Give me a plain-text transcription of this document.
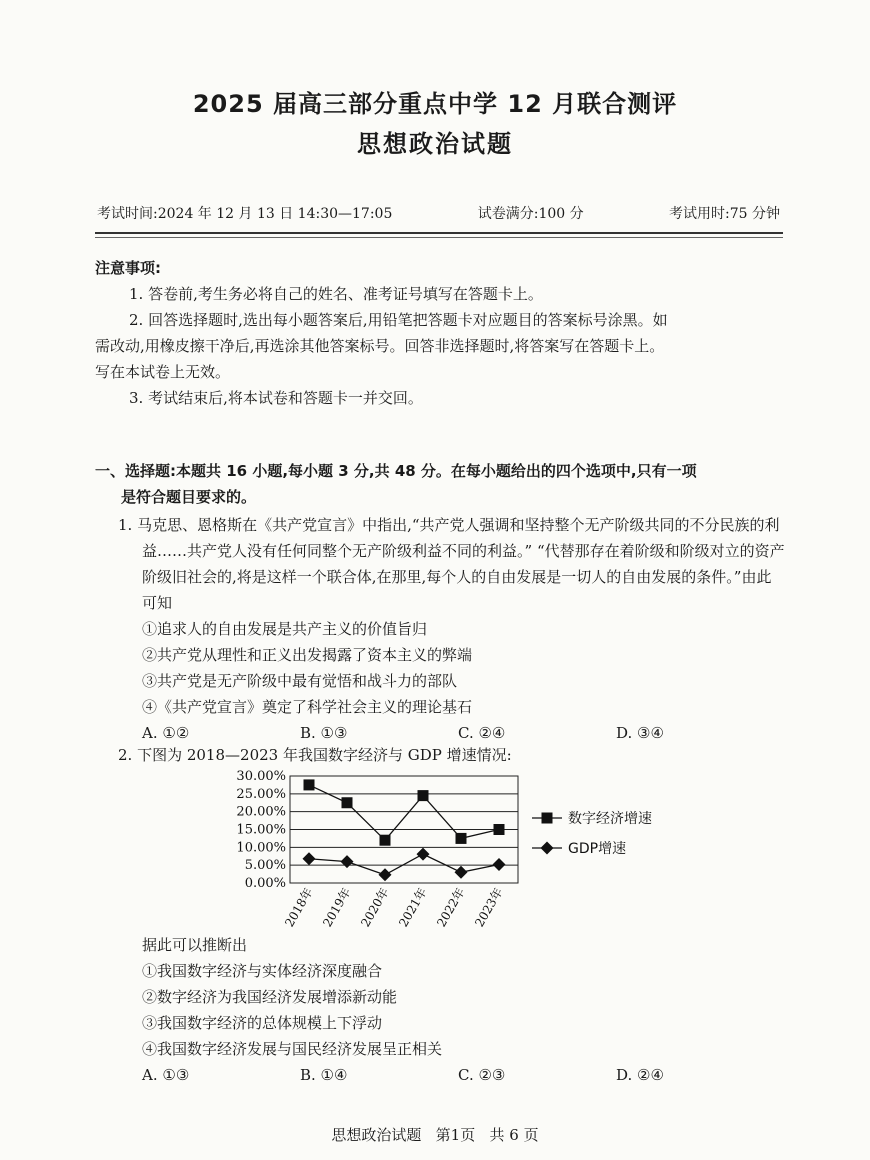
2025 届高三部分重点中学 12 月联合测评
思想政治试题
考试时间:2024 年 12 月 13 日 14:30—17:05	试卷满分:100 分	考试用时:75 分钟

注意事项:

1. 答卷前,考生务必将自己的姓名、准考证号填写在答题卡上。

2. 回答选择题时,选出每小题答案后,用铅笔把答题卡对应题目的答案标号涂黑。如

需改动,用橡皮擦干净后,再选涂其他答案标号。回答非选择题时,将答案写在答题卡上。

写在本试卷上无效。

3. 考试结束后,将本试卷和答题卡一并交回。

一、选择题:本题共 16 小题,每小题 3 分,共 48 分。在每小题给出的四个选项中,只有一项
是符合题目要求的。

1. 马克思、恩格斯在《共产党宣言》中指出,“共产党人强调和坚持整个无产阶级共同的不分民族的利益……共产党人没有任何同整个无产阶级利益不同的利益。” “代替那存在着阶级和阶级对立的资产阶级旧社会的,将是这样一个联合体,在那里,每个人的自由发展是一切人的自由发展的条件。”由此可知

①追求人的自由发展是共产主义的价值旨归

②共产党从理性和正义出发揭露了资本主义的弊端

③共产党是无产阶级中最有觉悟和战斗力的部队

④《共产党宣言》奠定了科学社会主义的理论基石

A. ①②	B. ①③	C. ②④	D. ③④

2. 下图为 2018—2023 年我国数字经济与 GDP 增速情况:

30.00%
25.00%
20.00%
15.00%
10.00%
5.00%
0.00%
2018年 2019年 2020年 2021年 2022年 2023年
数字经济增速
GDP增速

据此可以推断出

①我国数字经济与实体经济深度融合

②数字经济为我国经济发展增添新动能

③我国数字经济的总体规模上下浮动

④我国数字经济发展与国民经济发展呈正相关

A. ①③	B. ①④	C. ②③	D. ②④
思想政治试题   第1页   共 6 页
